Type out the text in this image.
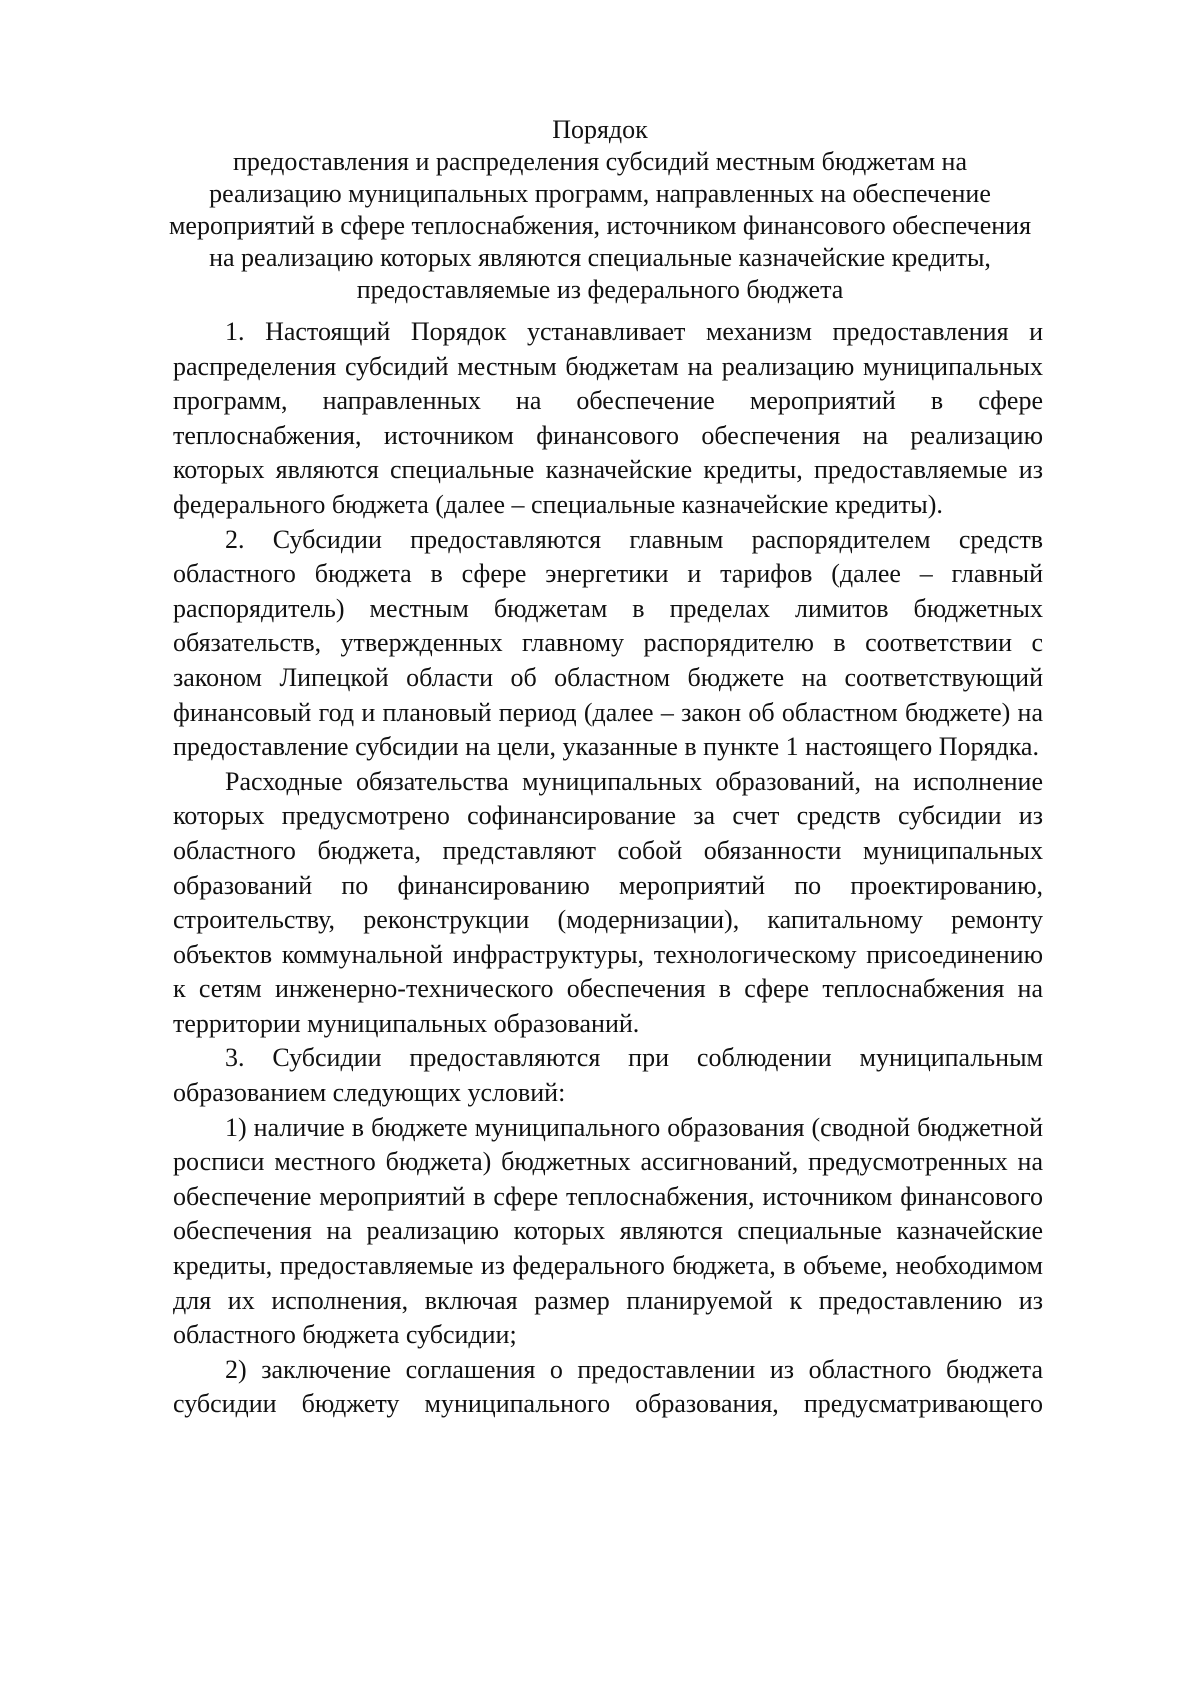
Порядок
предоставления и распределения субсидий местным бюджетам на
реализацию муниципальных программ, направленных на обеспечение
мероприятий в сфере теплоснабжения, источником финансового обеспечения
на реализацию которых являются специальные казначейские кредиты,
предоставляемые из федерального бюджета

1. Настоящий Порядок устанавливает механизм предоставления и распределения субсидий местным бюджетам на реализацию муниципальных программ, направленных на обеспечение мероприятий в сфере теплоснабжения, источником финансового обеспечения на реализацию которых являются специальные казначейские кредиты, предоставляемые из федерального бюджета (далее – специальные казначейские кредиты).

2. Субсидии предоставляются главным распорядителем средств областного бюджета в сфере энергетики и тарифов (далее – главный распорядитель) местным бюджетам в пределах лимитов бюджетных обязательств, утвержденных главному распорядителю в соответствии с законом Липецкой области об областном бюджете на соответствующий финансовый год и плановый период (далее – закон об областном бюджете) на предоставление субсидии на цели, указанные в пункте 1 настоящего Порядка.

Расходные обязательства муниципальных образований, на исполнение которых предусмотрено софинансирование за счет средств субсидии из областного бюджета, представляют собой обязанности муниципальных образований по финансированию мероприятий по проектированию, строительству, реконструкции (модернизации), капитальному ремонту объектов коммунальной инфраструктуры, технологическому присоединению к сетям инженерно-технического обеспечения в сфере теплоснабжения на территории муниципальных образований.

3. Субсидии предоставляются при соблюдении муниципальным образованием следующих условий:

1) наличие в бюджете муниципального образования (сводной бюджетной росписи местного бюджета) бюджетных ассигнований, предусмотренных на обеспечение мероприятий в сфере теплоснабжения, источником финансового обеспечения на реализацию которых являются специальные казначейские кредиты, предоставляемые из федерального бюджета, в объеме, необходимом для их исполнения, включая размер планируемой к предоставлению из областного бюджета субсидии;

2) заключение соглашения о предоставлении из областного бюджета субсидии бюджету муниципального образования, предусматривающего
